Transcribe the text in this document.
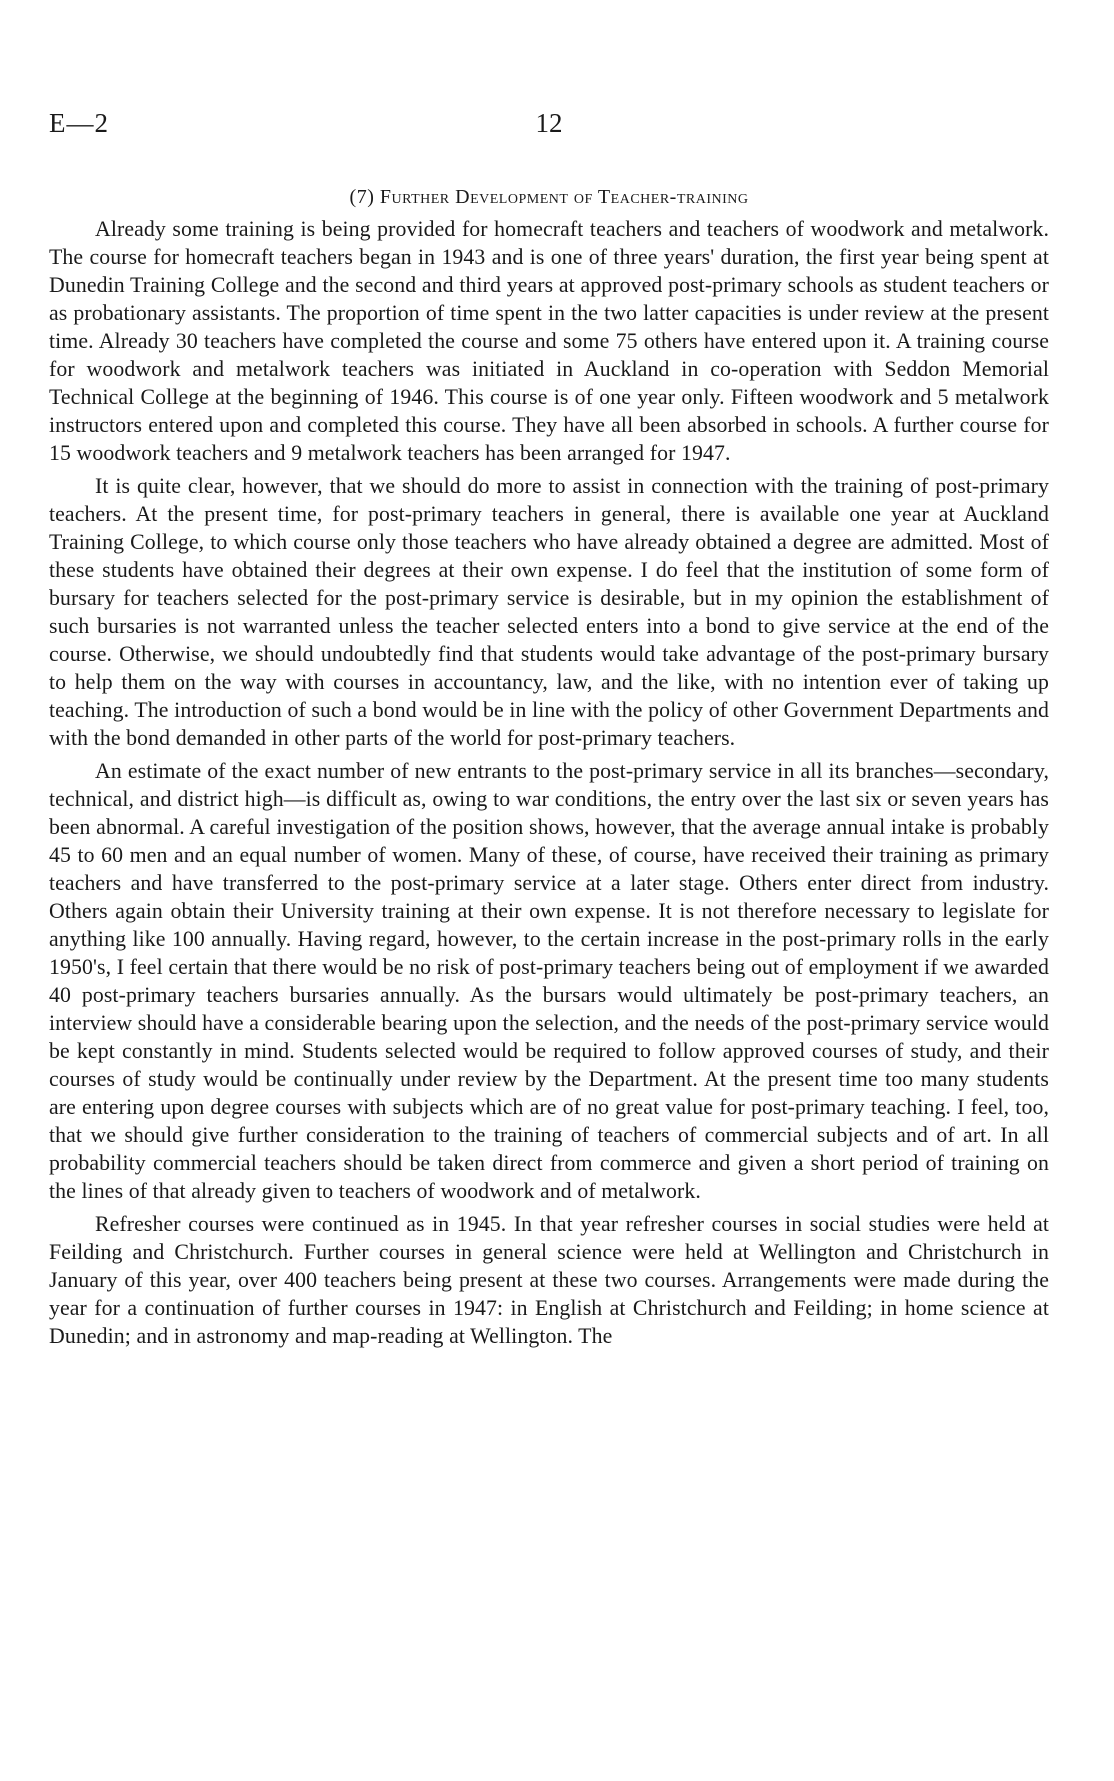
E—2	12
(7) Further Development of Teacher-training

Already some training is being provided for homecraft teachers and teachers of woodwork and metalwork. The course for homecraft teachers began in 1943 and is one of three years' duration, the first year being spent at Dunedin Training College and the second and third years at approved post-primary schools as student teachers or as probationary assistants. The proportion of time spent in the two latter capacities is under review at the present time. Already 30 teachers have completed the course and some 75 others have entered upon it. A training course for woodwork and metalwork teachers was initiated in Auckland in co-operation with Seddon Memorial Technical College at the beginning of 1946. This course is of one year only. Fifteen woodwork and 5 metalwork instructors entered upon and completed this course. They have all been absorbed in schools. A further course for 15 woodwork teachers and 9 metalwork teachers has been arranged for 1947.

It is quite clear, however, that we should do more to assist in connection with the training of post-primary teachers. At the present time, for post-primary teachers in general, there is available one year at Auckland Training College, to which course only those teachers who have already obtained a degree are admitted. Most of these students have obtained their degrees at their own expense. I do feel that the institution of some form of bursary for teachers selected for the post-primary service is desirable, but in my opinion the establishment of such bursaries is not warranted unless the teacher selected enters into a bond to give service at the end of the course. Otherwise, we should undoubtedly find that students would take advantage of the post-primary bursary to help them on the way with courses in accountancy, law, and the like, with no intention ever of taking up teaching. The introduction of such a bond would be in line with the policy of other Government Departments and with the bond demanded in other parts of the world for post-primary teachers.

An estimate of the exact number of new entrants to the post-primary service in all its branches—secondary, technical, and district high—is difficult as, owing to war conditions, the entry over the last six or seven years has been abnormal. A careful investigation of the position shows, however, that the average annual intake is probably 45 to 60 men and an equal number of women. Many of these, of course, have received their training as primary teachers and have transferred to the post-primary service at a later stage. Others enter direct from industry. Others again obtain their University training at their own expense. It is not therefore necessary to legislate for anything like 100 annually. Having regard, however, to the certain increase in the post-primary rolls in the early 1950's, I feel certain that there would be no risk of post-primary teachers being out of employment if we awarded 40 post-primary teachers bursaries annually. As the bursars would ultimately be post-primary teachers, an interview should have a considerable bearing upon the selection, and the needs of the post-primary service would be kept constantly in mind. Students selected would be required to follow approved courses of study, and their courses of study would be continually under review by the Department. At the present time too many students are entering upon degree courses with subjects which are of no great value for post-primary teaching. I feel, too, that we should give further consideration to the training of teachers of commercial subjects and of art. In all probability commercial teachers should be taken direct from commerce and given a short period of training on the lines of that already given to teachers of woodwork and of metalwork.

Refresher courses were continued as in 1945. In that year refresher courses in social studies were held at Feilding and Christchurch. Further courses in general science were held at Wellington and Christchurch in January of this year, over 400 teachers being present at these two courses. Arrangements were made during the year for a continuation of further courses in 1947: in English at Christchurch and Feilding; in home science at Dunedin; and in astronomy and map-reading at Wellington. The
